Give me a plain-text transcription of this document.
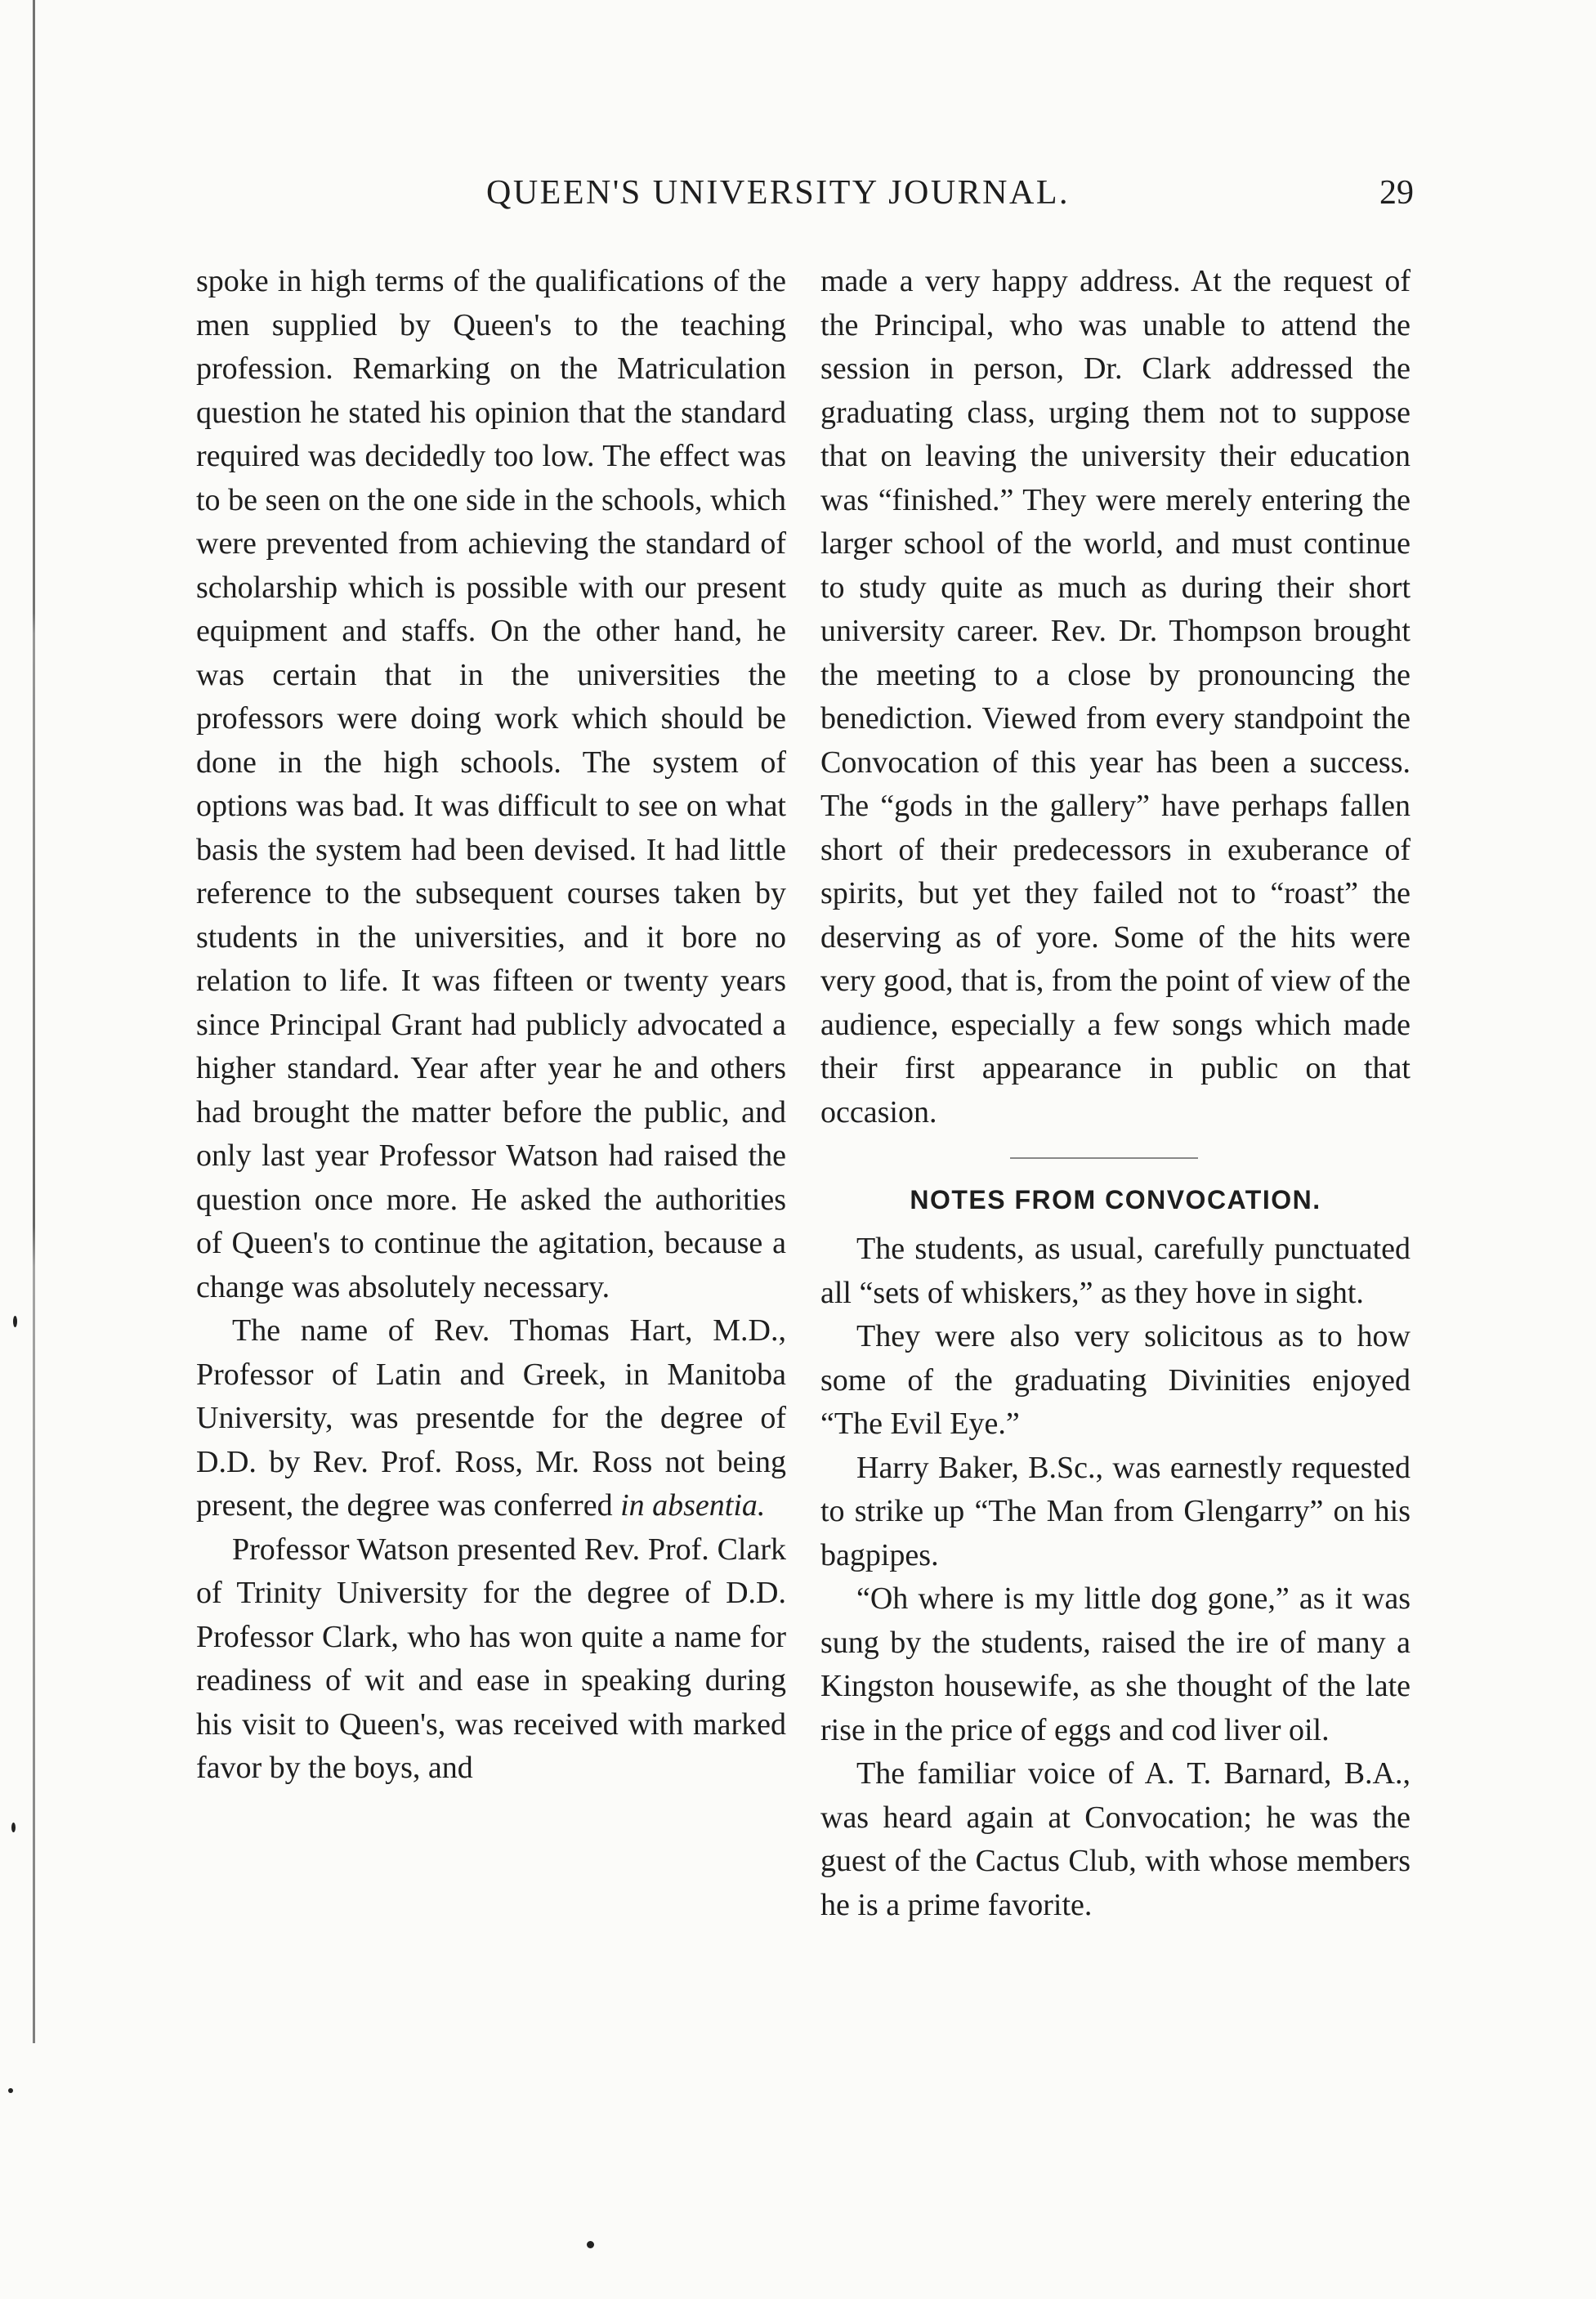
QUEEN'S UNIVERSITY JOURNAL.	29

spoke in high terms of the qualifications of the men supplied by Queen's to the teaching profession. Remarking on the Matriculation question he stated his opinion that the standard required was decidedly too low. The effect was to be seen on the one side in the schools, which were prevented from achieving the standard of scholarship which is possible with our present equipment and staffs. On the other hand, he was certain that in the universities the professors were doing work which should be done in the high schools. The system of options was bad. It was difficult to see on what basis the system had been devised. It had little reference to the subsequent courses taken by students in the universities, and it bore no relation to life. It was fifteen or twenty years since Principal Grant had publicly advocated a higher standard. Year after year he and others had brought the matter before the public, and only last year Professor Watson had raised the question once more. He asked the authorities of Queen's to continue the agitation, because a change was absolutely necessary.

The name of Rev. Thomas Hart, M.D., Professor of Latin and Greek, in Manitoba University, was presentde for the degree of D.D. by Rev. Prof. Ross, Mr. Ross not being present, the degree was conferred in absentia.

Professor Watson presented Rev. Prof. Clark of Trinity University for the degree of D.D. Professor Clark, who has won quite a name for readiness of wit and ease in speaking during his visit to Queen's, was received with marked favor by the boys, and

made a very happy address. At the request of the Principal, who was unable to attend the session in person, Dr. Clark addressed the graduating class, urging them not to suppose that on leaving the university their education was “finished.” They were merely entering the larger school of the world, and must continue to study quite as much as during their short university career. Rev. Dr. Thompson brought the meeting to a close by pronouncing the benediction. Viewed from every standpoint the Convocation of this year has been a success. The “gods in the gallery” have perhaps fallen short of their predecessors in exuberance of spirits, but yet they failed not to “roast” the deserving as of yore. Some of the hits were very good, that is, from the point of view of the audience, especially a few songs which made their first appearance in public on that occasion.

NOTES FROM CONVOCATION.

The students, as usual, carefully punctuated all “sets of whiskers,” as they hove in sight.

They were also very solicitous as to how some of the graduating Divinities enjoyed “The Evil Eye.”

Harry Baker, B.Sc., was earnestly requested to strike up “The Man from Glengarry” on his bagpipes.

“Oh where is my little dog gone,” as it was sung by the students, raised the ire of many a Kingston housewife, as she thought of the late rise in the price of eggs and cod liver oil.

The familiar voice of A. T. Barnard, B.A., was heard again at Convocation; he was the guest of the Cactus Club, with whose members he is a prime favorite.
